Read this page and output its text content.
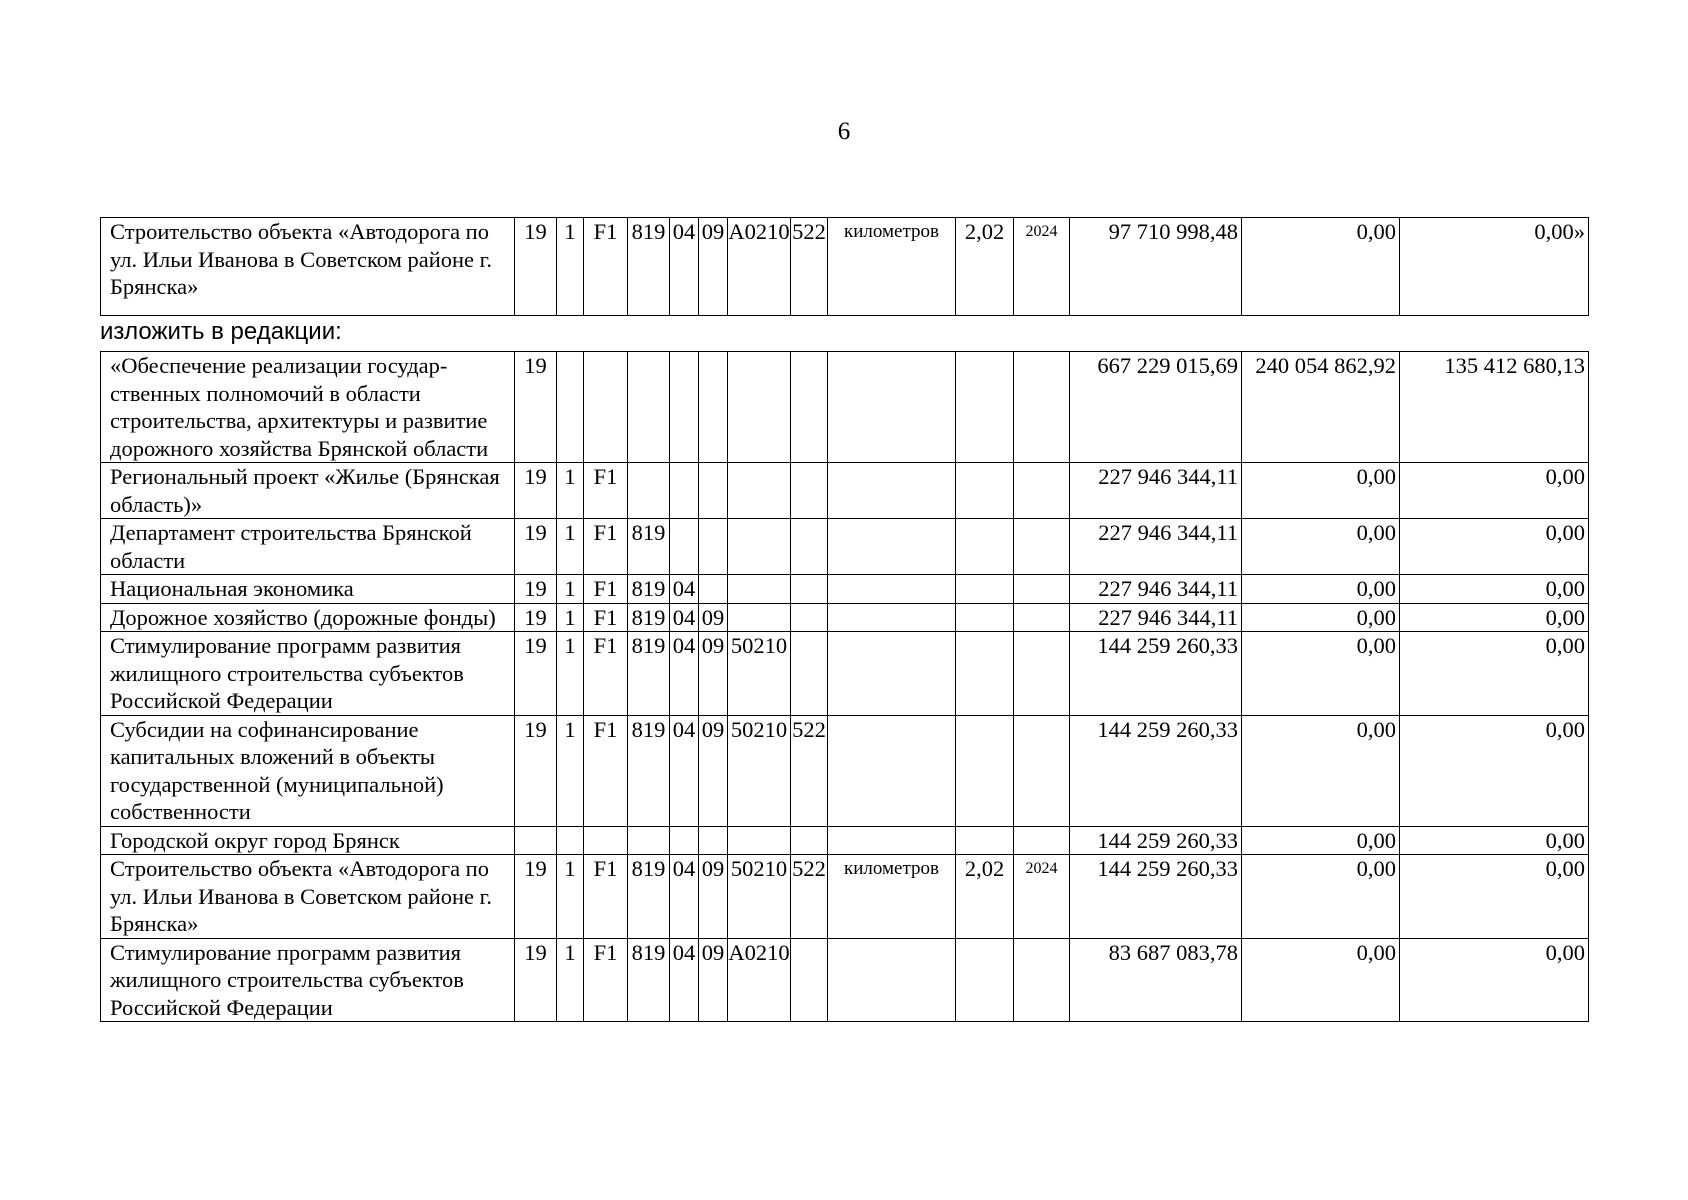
6
Строительство объекта «Автодорога по ул. Ильи Иванова в Советском районе г. Брянска»	19	1	F1	819	04	09	A0210	522	километров	2,02	2024	97 710 998,48	0,00	0,00»
изложить в редакции:
«Обеспечение реализации государ-ственных полномочий в области строительства, архитектуры и развитие дорожного хозяйства Брянской области	19											667 229 015,69	240 054 862,92	135 412 680,13
Региональный проект «Жилье (Брянская область)»	19	1	F1									227 946 344,11	0,00	0,00
Департамент строительства Брянской области	19	1	F1	819								227 946 344,11	0,00	0,00
Национальная экономика	19	1	F1	819	04							227 946 344,11	0,00	0,00
Дорожное хозяйство (дорожные фонды)	19	1	F1	819	04	09						227 946 344,11	0,00	0,00
Стимулирование программ развития жилищного строительства субъектов Российской Федерации	19	1	F1	819	04	09	50210					144 259 260,33	0,00	0,00
Субсидии на софинансирование капитальных вложений в объекты государственной (муниципальной) собственности	19	1	F1	819	04	09	50210	522				144 259 260,33	0,00	0,00
Городской округ город Брянск												144 259 260,33	0,00	0,00
Строительство объекта «Автодорога по ул. Ильи Иванова в Советском районе г. Брянска»	19	1	F1	819	04	09	50210	522	километров	2,02	2024	144 259 260,33	0,00	0,00
Стимулирование программ развития жилищного строительства субъектов Российской Федерации	19	1	F1	819	04	09	A0210					83 687 083,78	0,00	0,00
